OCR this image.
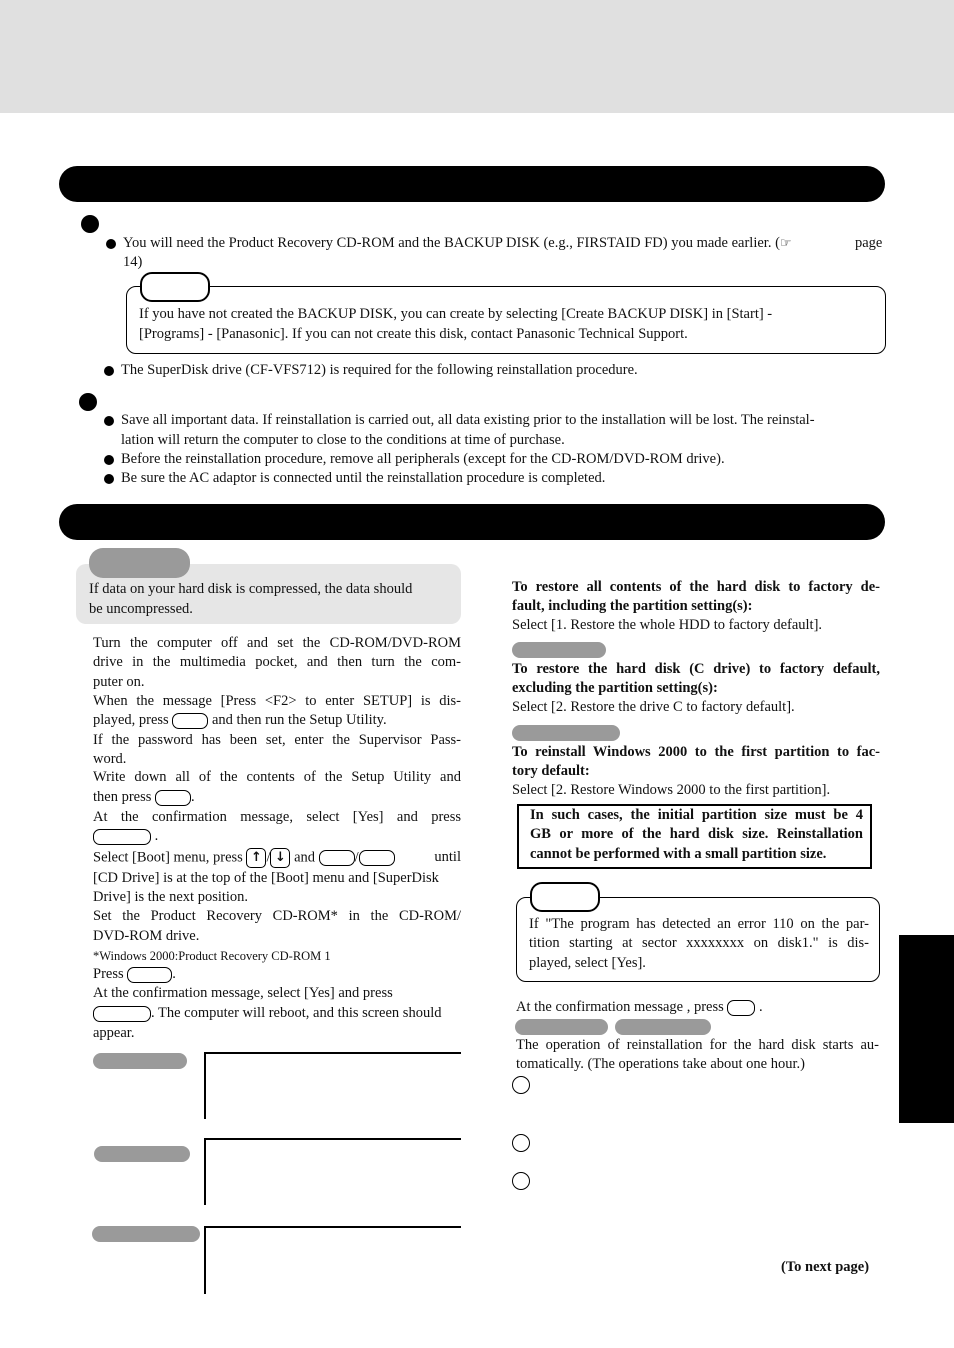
You will need the Product Recovery CD-ROM and the BACKUP DISK (e.g., FIRSTAID FD) you made earlier. (☞	page
14)
If you have not created the BACKUP DISK, you can create by selecting [Create BACKUP DISK] in [Start] -
[Programs] - [Panasonic]. If you can not create this disk, contact Panasonic Technical Support.
The SuperDisk drive (CF-VFS712) is required for the following reinstallation procedure.
Save all important data. If reinstallation is carried out, all data existing prior to the installation will be lost. The reinstal-
lation will return the computer to close to the conditions at time of purchase.
Before the reinstallation procedure, remove all peripherals (except for the CD-ROM/DVD-ROM drive).
Be sure the AC adaptor is connected until the reinstallation procedure is completed.
If data on your hard disk is compressed, the data should
be uncompressed.
Turn the computer off and set the CD-ROM/DVD-ROM
drive in the multimedia pocket, and then turn the com-
puter on.
When the message [Press <F2> to enter SETUP] is dis-
played, press	and then run the Setup Utility.
If the password has been set, enter the Supervisor Pass-
word.
Write down all of the contents of the Setup Utility and
then press	.
At the confirmation message, select [Yes] and press
.
Select [Boot] menu, press ↑ / ↓ and	/	until
[CD Drive] is at the top of the [Boot] menu and [SuperDisk
Drive] is the next position.
Set the Product Recovery CD-ROM* in the CD-ROM/
DVD-ROM drive.
*Windows 2000:Product Recovery CD-ROM 1
Press	.
At the confirmation message, select [Yes] and press
. The computer will reboot, and this screen should
appear.
To restore all contents of the hard disk to factory de-
fault, including the partition setting(s):
Select [1. Restore the whole HDD to factory default].
To restore the hard disk (C drive) to factory default,
excluding the partition setting(s):
Select [2. Restore the drive C to factory default].
To reinstall Windows 2000 to the first partition to fac-
tory default:
Select [2. Restore Windows 2000 to the first partition].
In such cases, the initial partition size must be 4
GB or more of the hard disk size. Reinstallation
cannot be performed with a small partition size.
If "The program has detected an error 110 on the par-
tition starting at sector xxxxxxxx on disk1." is dis-
played, select [Yes].
At the confirmation message , press .
The operation of reinstallation for the hard disk starts au-
tomatically. (The operations take about one hour.)
(To next page)
